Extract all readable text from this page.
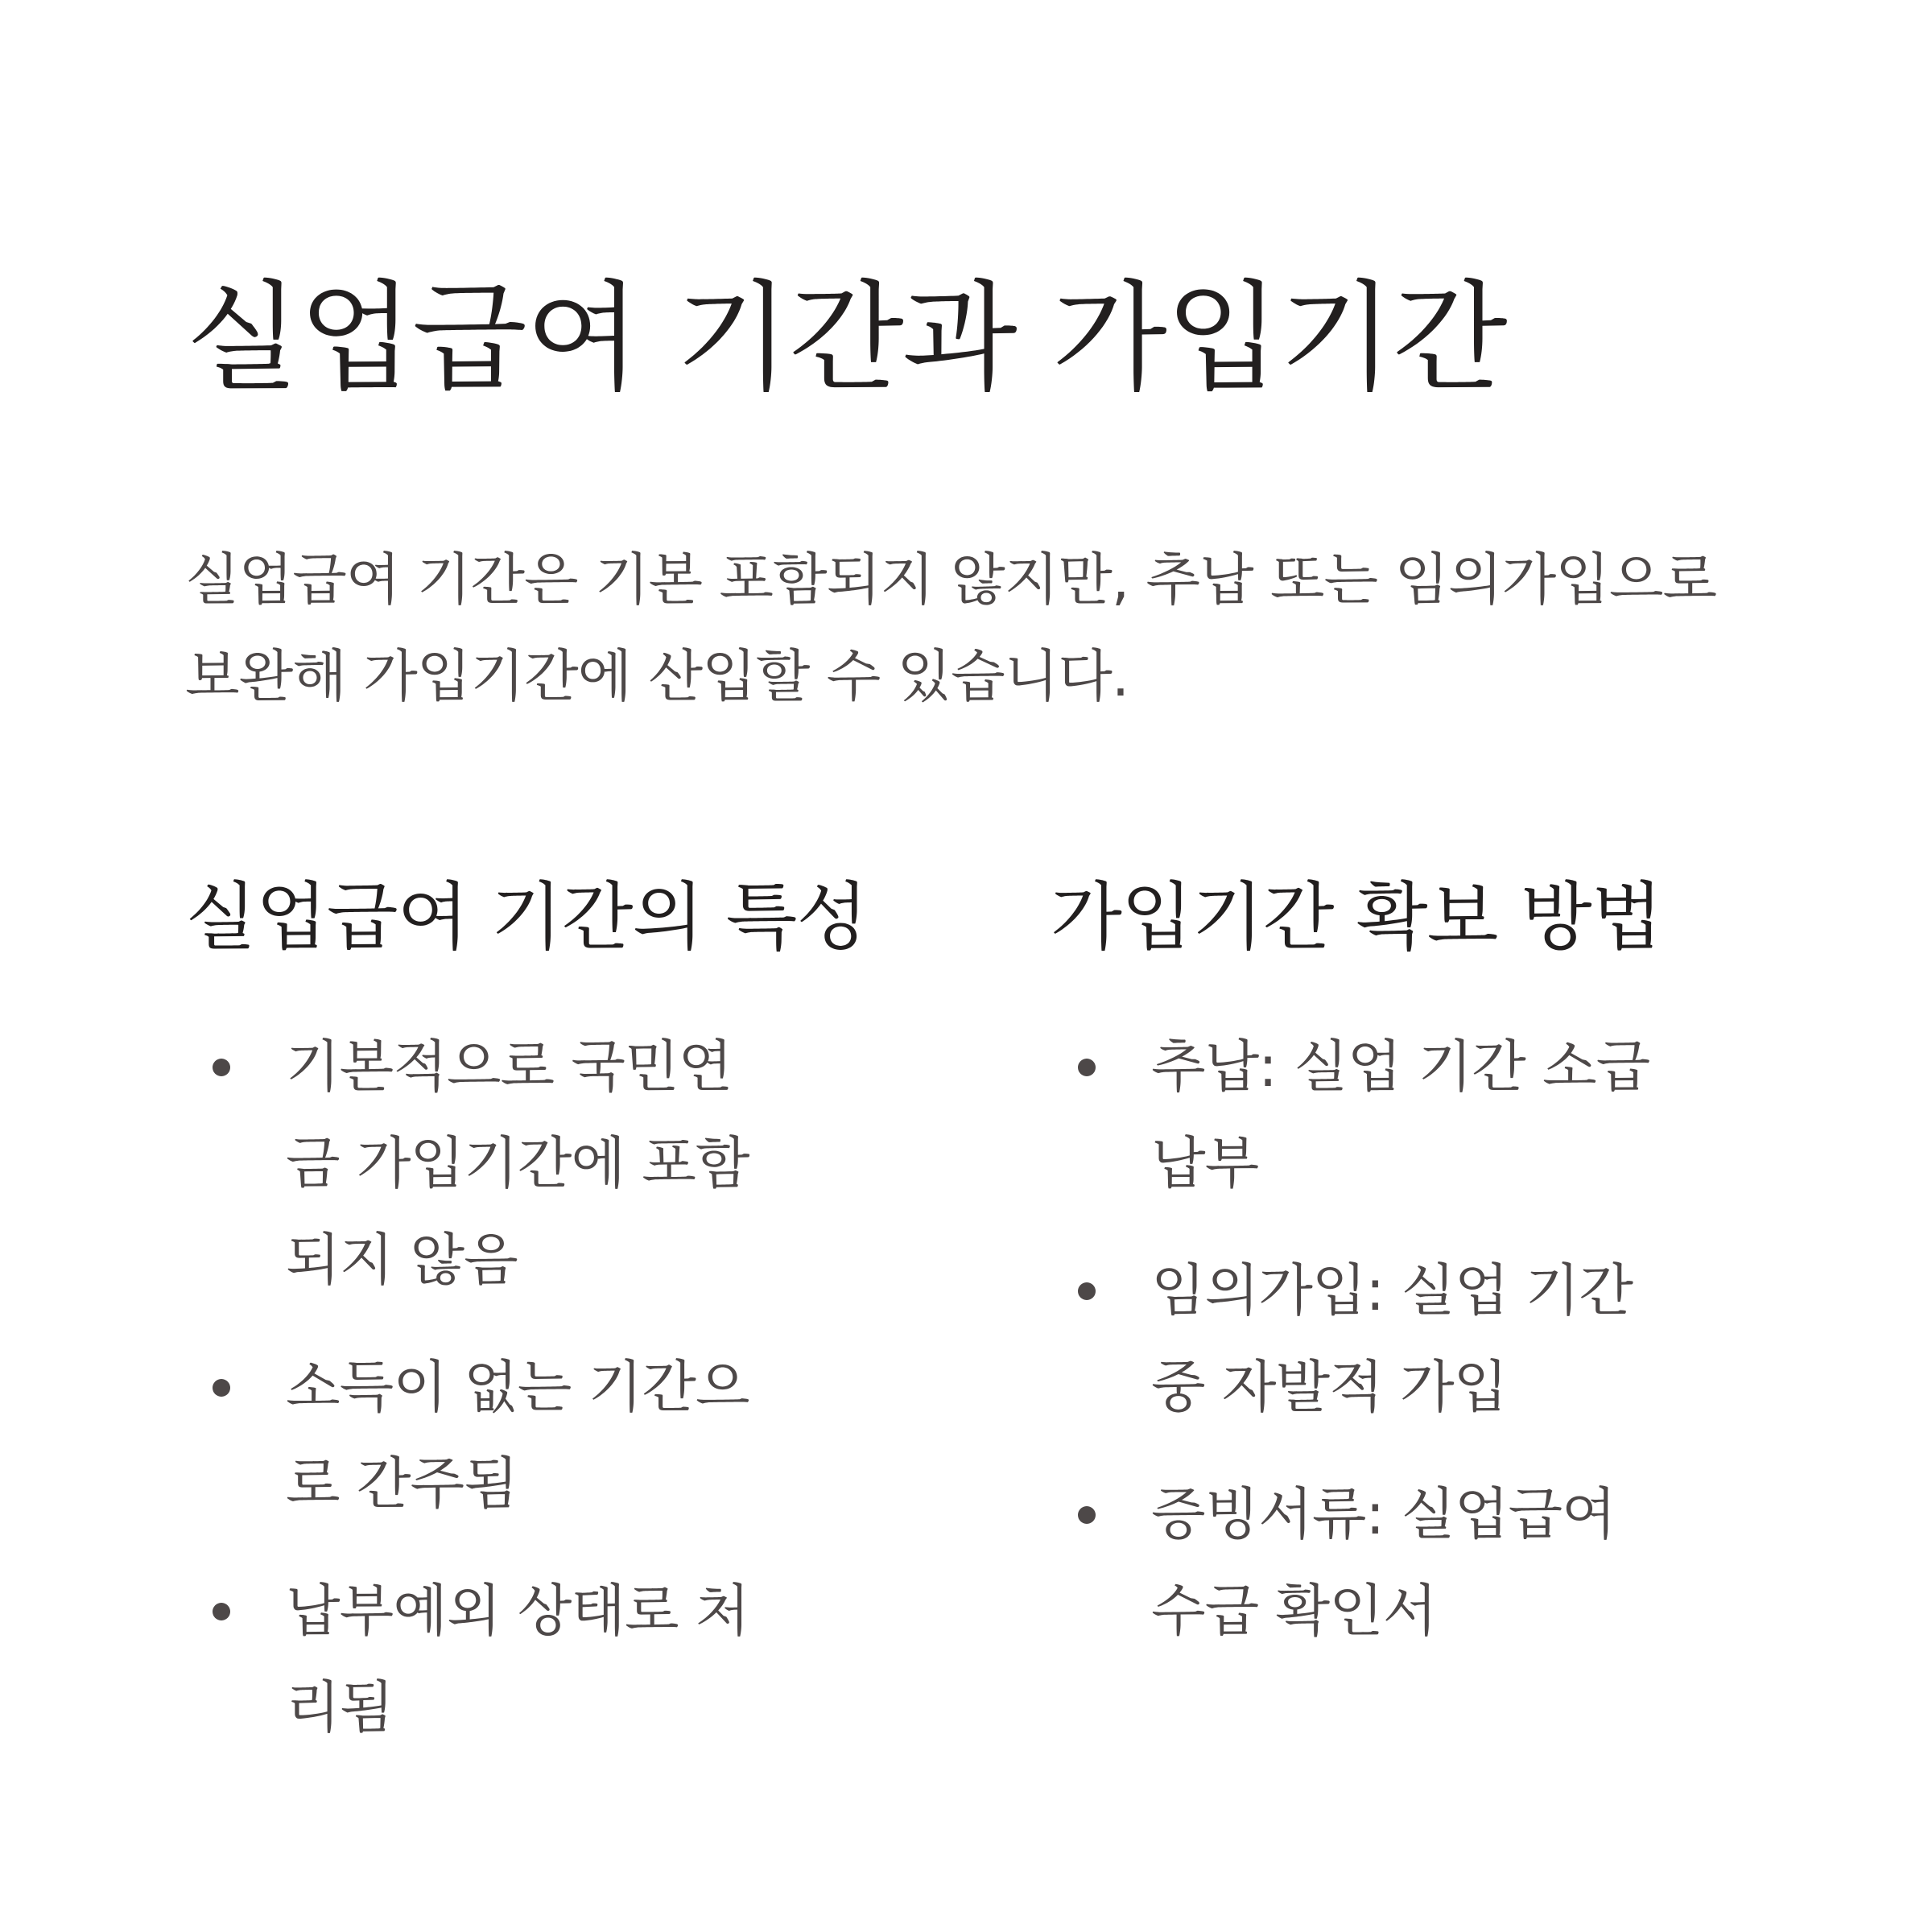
실업급여 기간과 가입기간

실업급여 기간은 기본 포함되지 않지만, 추납 또는 임의가입으로 보완해 가입기간에 산입할 수 있습니다.

실업급여 기간의 특성
기본적으로 국민연금 가입기간에 포함되지 않음
소득이 없는 기간으로 간주됨
납부예외 상태로 처리됨
가입기간 확보 방법
추납: 실업 기간 소급 납부
임의가입: 실업 기간 중 자발적 가입
증빙서류: 실업급여 수급 확인서
